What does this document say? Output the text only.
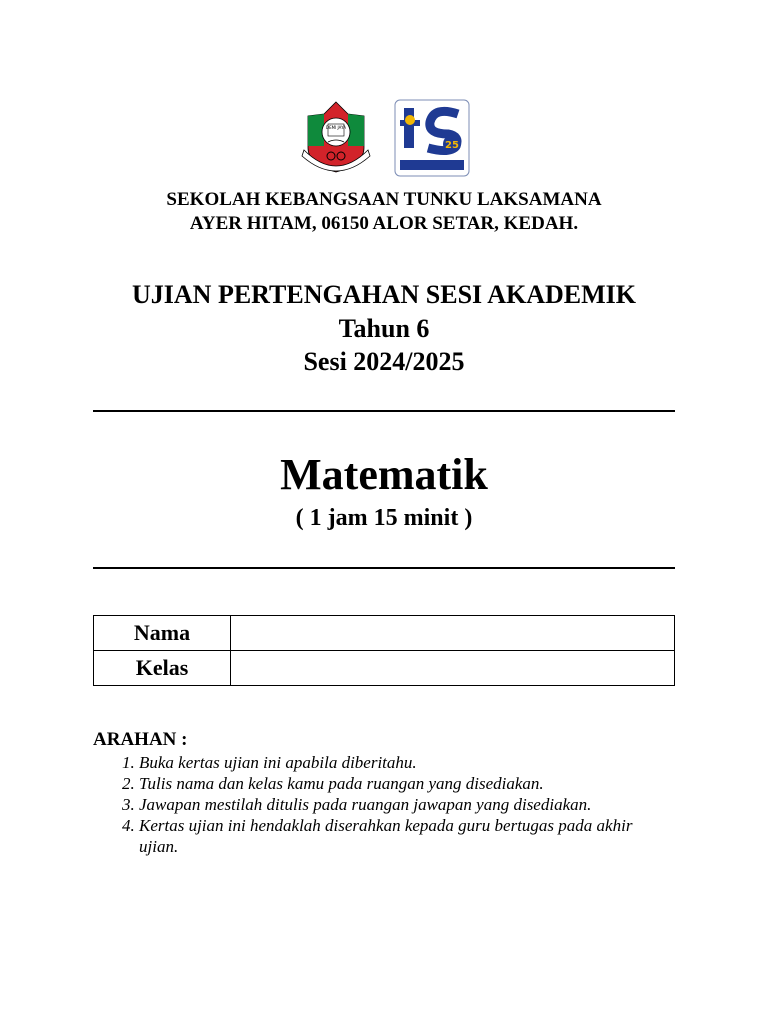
DEMI JAYA
25
SEKOLAH KEBANGSAAN TUNKU LAKSAMANA
AYER HITAM, 06150 ALOR SETAR, KEDAH.
UJIAN PERTENGAHAN SESI AKADEMIK
Tahun 6
Sesi 2024/2025
Matematik
( 1 jam 15 minit )
Nama	
Kelas	
ARAHAN :
1. Buka kertas ujian ini apabila diberitahu.
2. Tulis nama dan kelas kamu pada ruangan yang disediakan.
3. Jawapan mestilah ditulis pada ruangan jawapan yang disediakan.
4. Kertas ujian ini hendaklah diserahkan kepada guru bertugas pada akhir ujian.
